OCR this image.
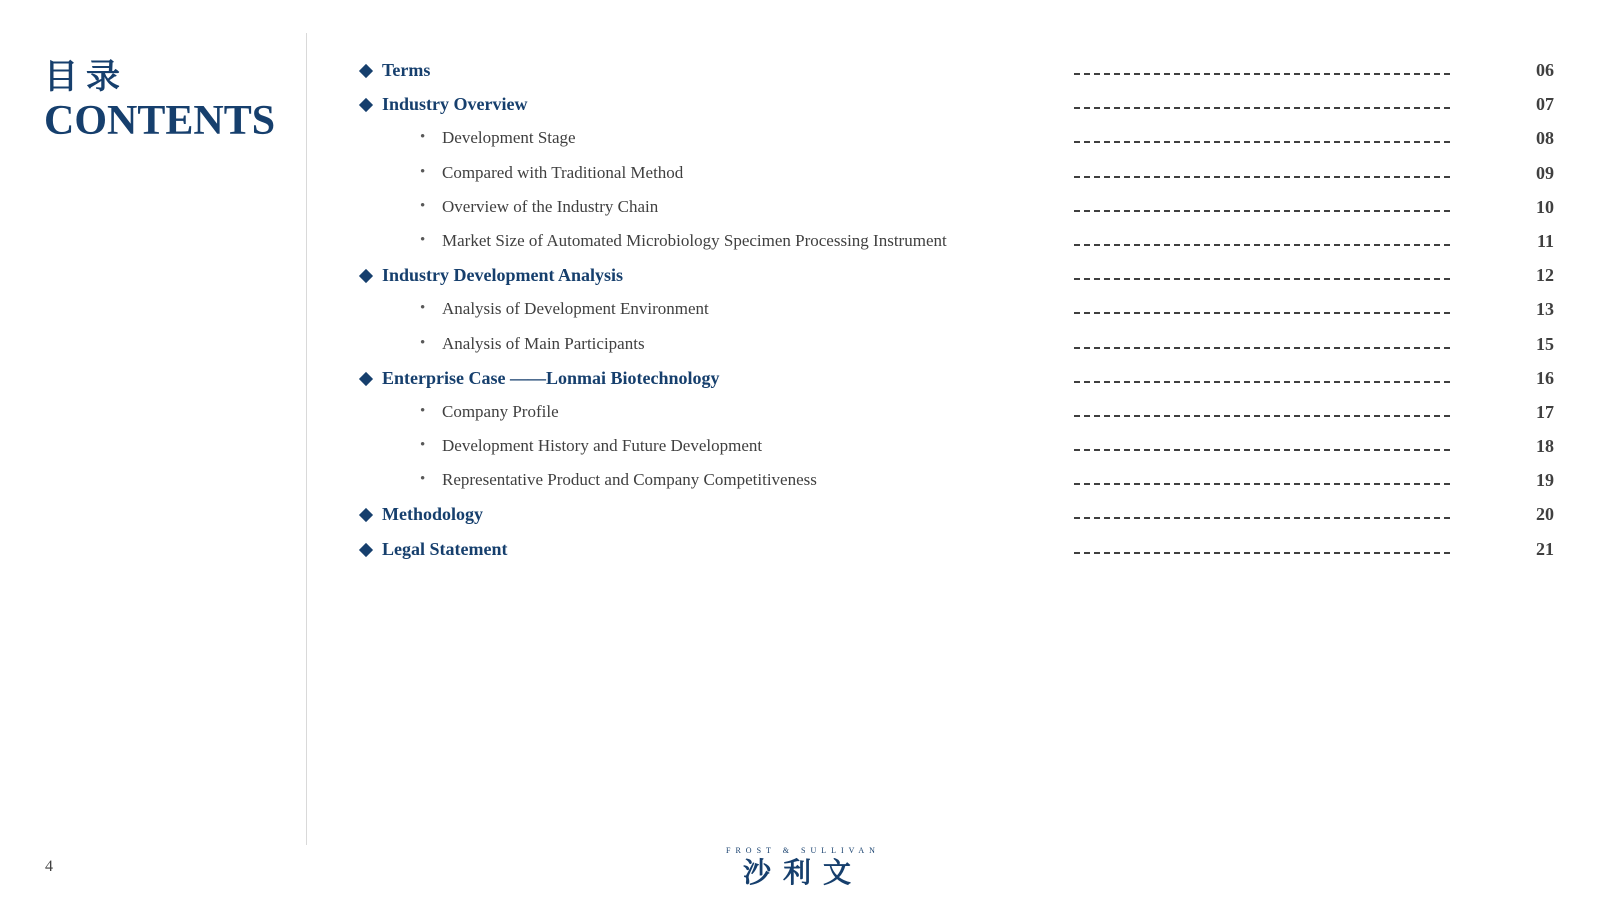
目录
CONTENTS
Terms	06
Industry Overview	07
• Development Stage	08
• Compared with Traditional Method	09
• Overview of the Industry Chain	10
• Market Size of Automated Microbiology Specimen Processing Instrument	11
Industry Development Analysis	12
• Analysis of Development Environment	13
• Analysis of Main Participants	15
Enterprise Case ——Lonmai Biotechnology	16
• Company Profile	17
• Development History and Future Development	18
• Representative Product and Company Competitiveness	19
Methodology	20
Legal Statement	21
4
FROST & SULLIVAN
沙利文
